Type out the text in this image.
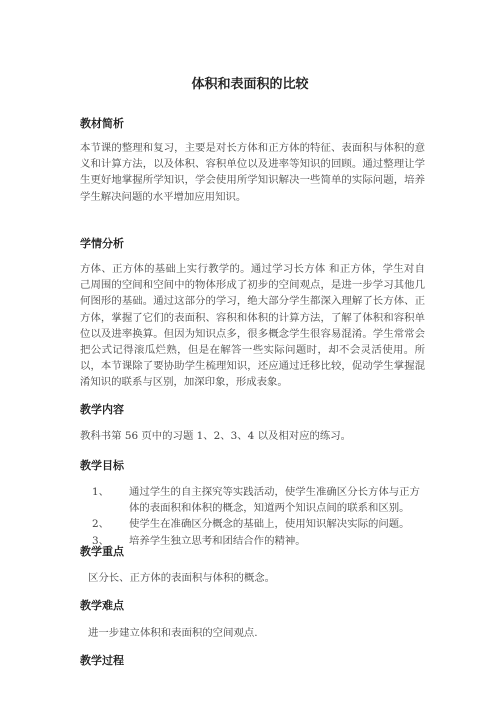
体积和表面积的比较
教材简析

本节课的整理和复习，主要是对长方体和正方体的特征、表面积与体积的意义和计算方法，以及体积、容积单位以及进率等知识的回顾。通过整理让学生更好地掌握所学知识，学会使用所学知识解决一些简单的实际问题，培养学生解决问题的水平增加应用知识。

学情分析

方体、正方体的基础上实行教学的。通过学习长方体 和正方体，学生对自己周围的空间和空间中的物体形成了初步的空间观点，是进一步学习其他几何图形的基础。通过这部分的学习，绝大部分学生都深入理解了长方体、正方体，掌握了它们的表面积、容积和体积的计算方法，了解了体积和容积单位以及进率换算。但因为知识点多，很多概念学生很容易混淆。学生常常会把公式记得滚瓜烂熟，但是在解答一些实际问题时，却不会灵活使用。所以，本节课除了要协助学生梳理知识，还应通过迁移比较，促动学生掌握混淆知识的联系与区别，加深印象，形成表象。

教学内容

教科书第 56 页中的习题 1、2、3、4 以及相对应的练习。

教学目标
1、	通过学生的自主探究等实践活动，使学生准确区分长方体与正方体的表面积和体积的概念，知道两个知识点间的联系和区别。
2、	使学生在准确区分概念的基础上，使用知识解决实际的问题。
3、	培养学生独立思考和团结合作的精神。
教学重点

区分长、正方体的表面积与体积的概念。

教学难点

进一步建立体积和表面积的空间观点.

教学过程
